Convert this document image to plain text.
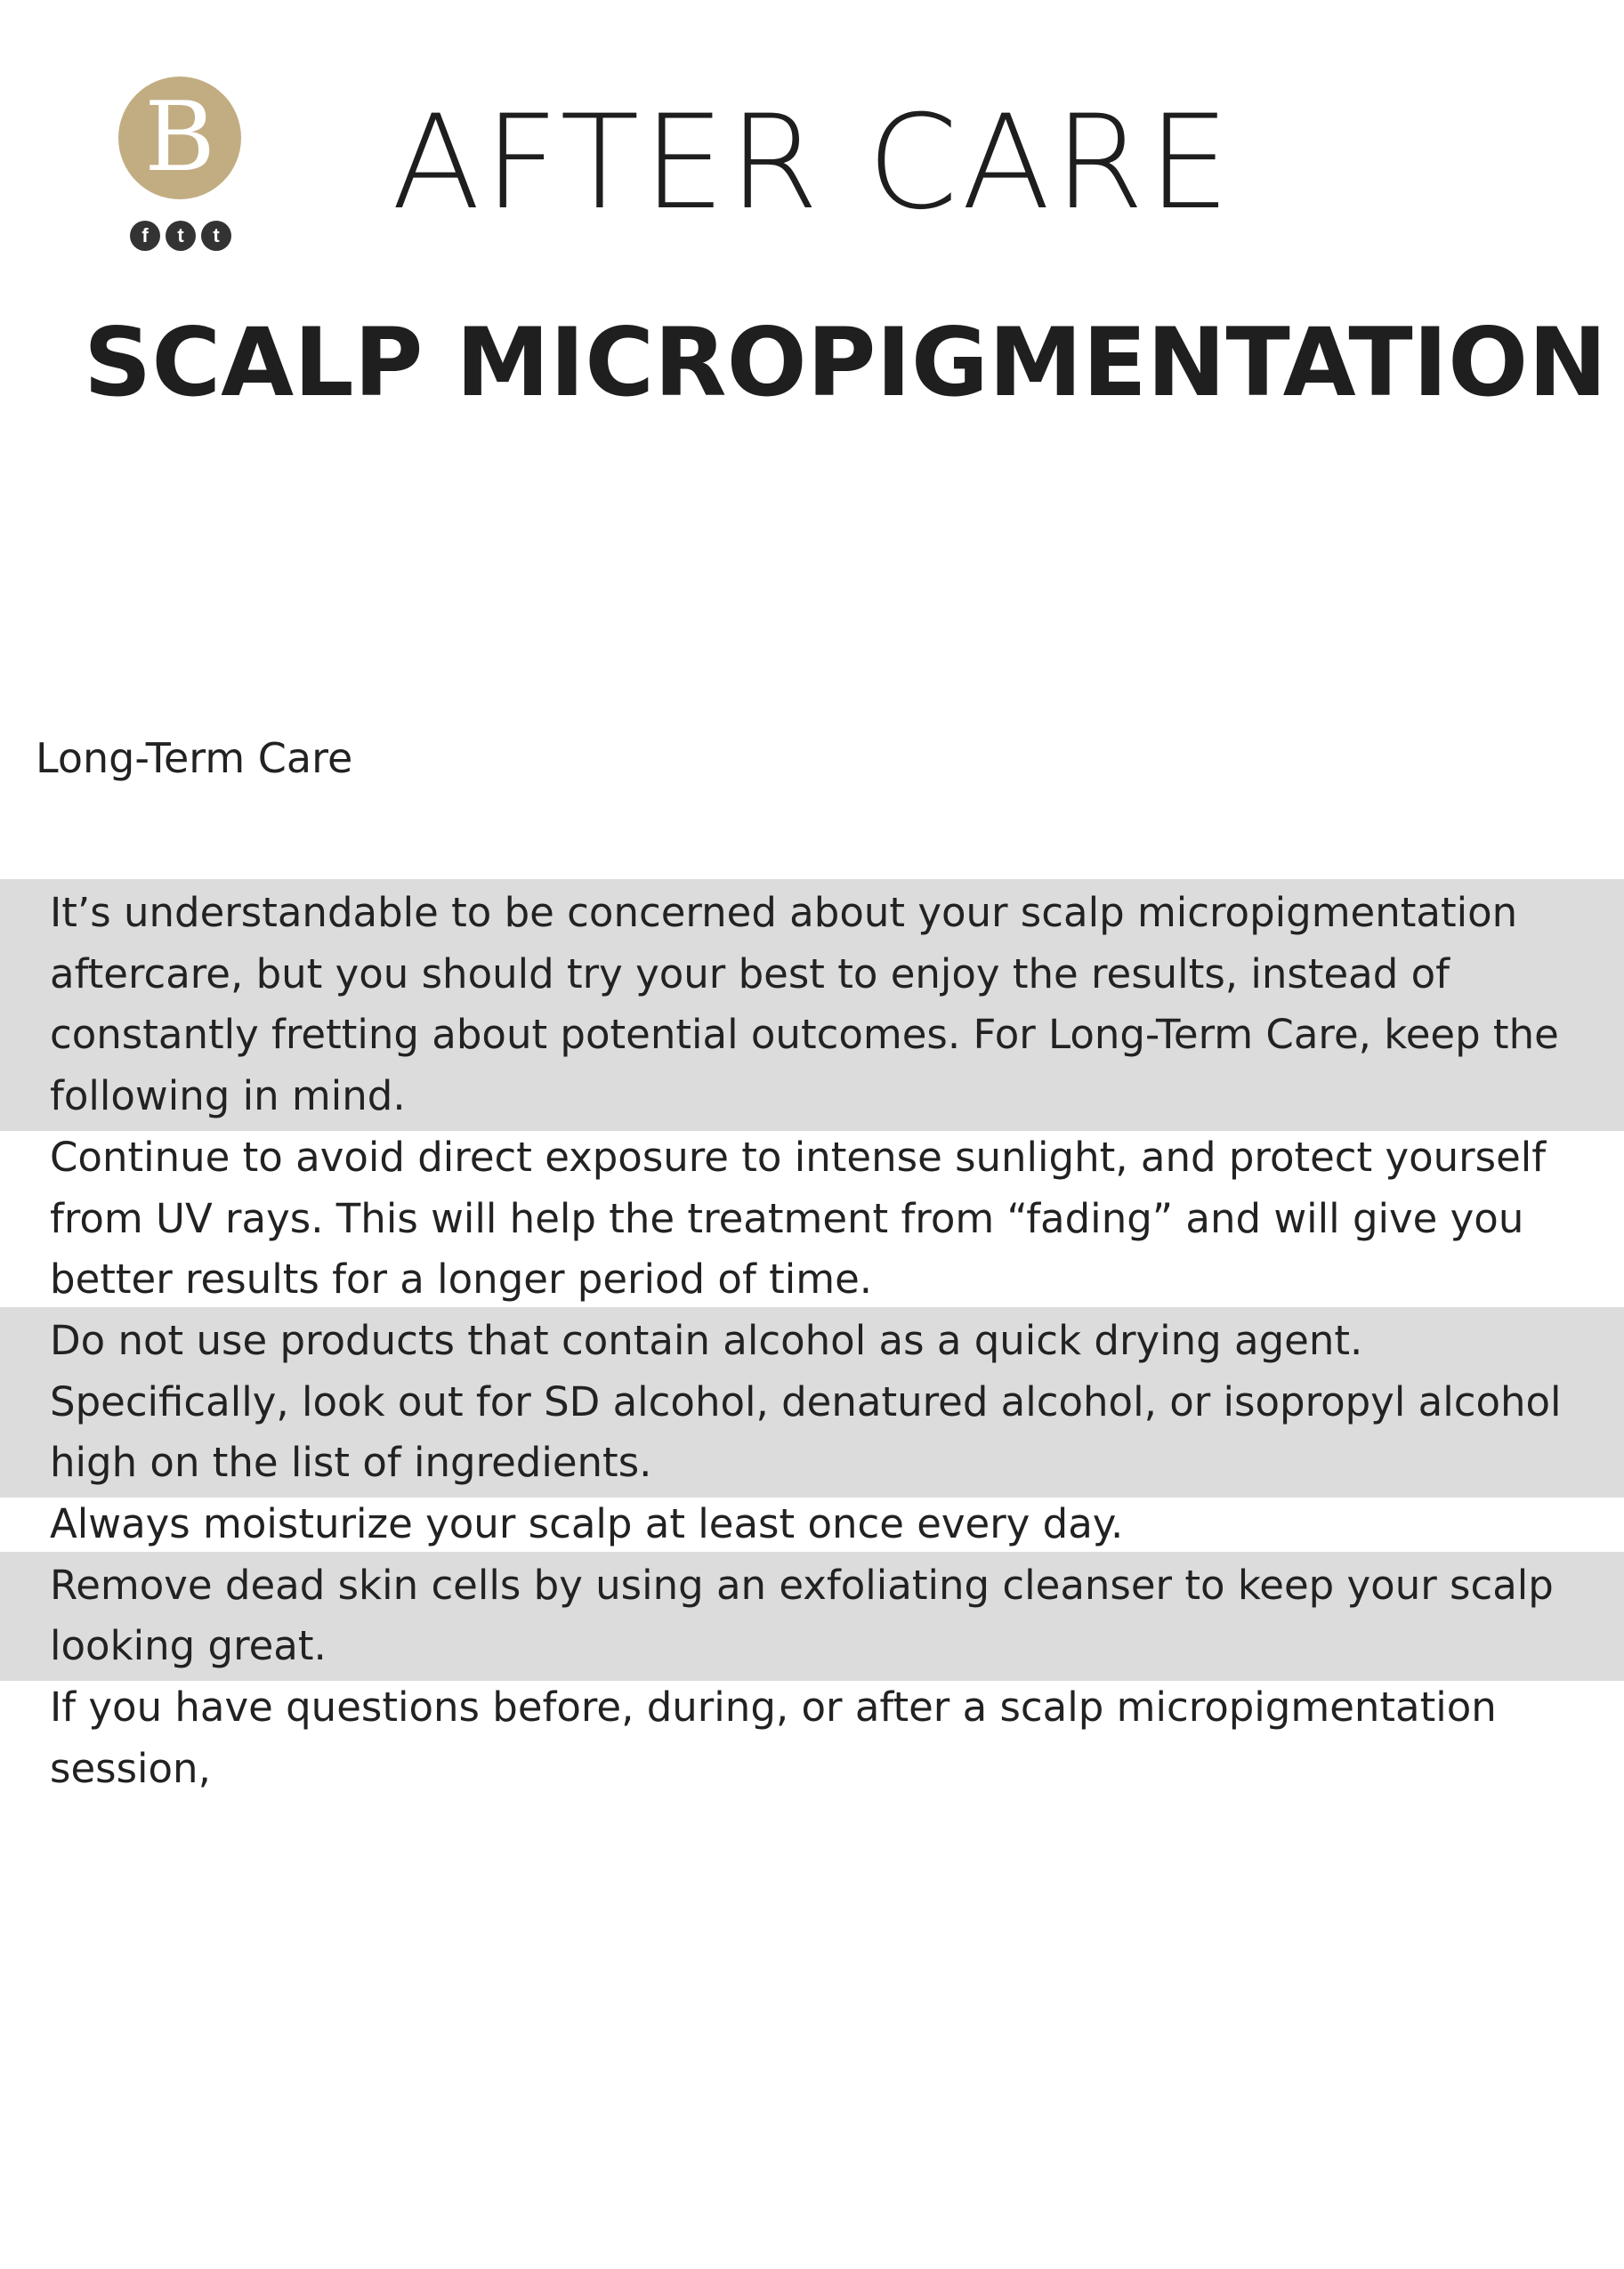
B
f	t	t AFTER CARE
SCALP MICROPIGMENTATION
Long-Term Care

It’s understandable to be concerned about your scalp micropigmentation aftercare, but you should try your best to enjoy the results, instead of constantly fretting about potential outcomes. For Long-Term Care, keep the following in mind.

Continue to avoid direct exposure to intense sunlight, and protect yourself from UV rays. This will help the treatment from “fading” and will give you better results for a longer period of time.

Do not use products that contain alcohol as a quick drying agent. Specifically, look out for SD alcohol, denatured alcohol, or isopropyl alcohol high on the list of ingredients.

Always moisturize your scalp at least once every day.

Remove dead skin cells by using an exfoliating cleanser to keep your scalp looking great.

If you have questions before, during, or after a scalp micropigmentation session,
